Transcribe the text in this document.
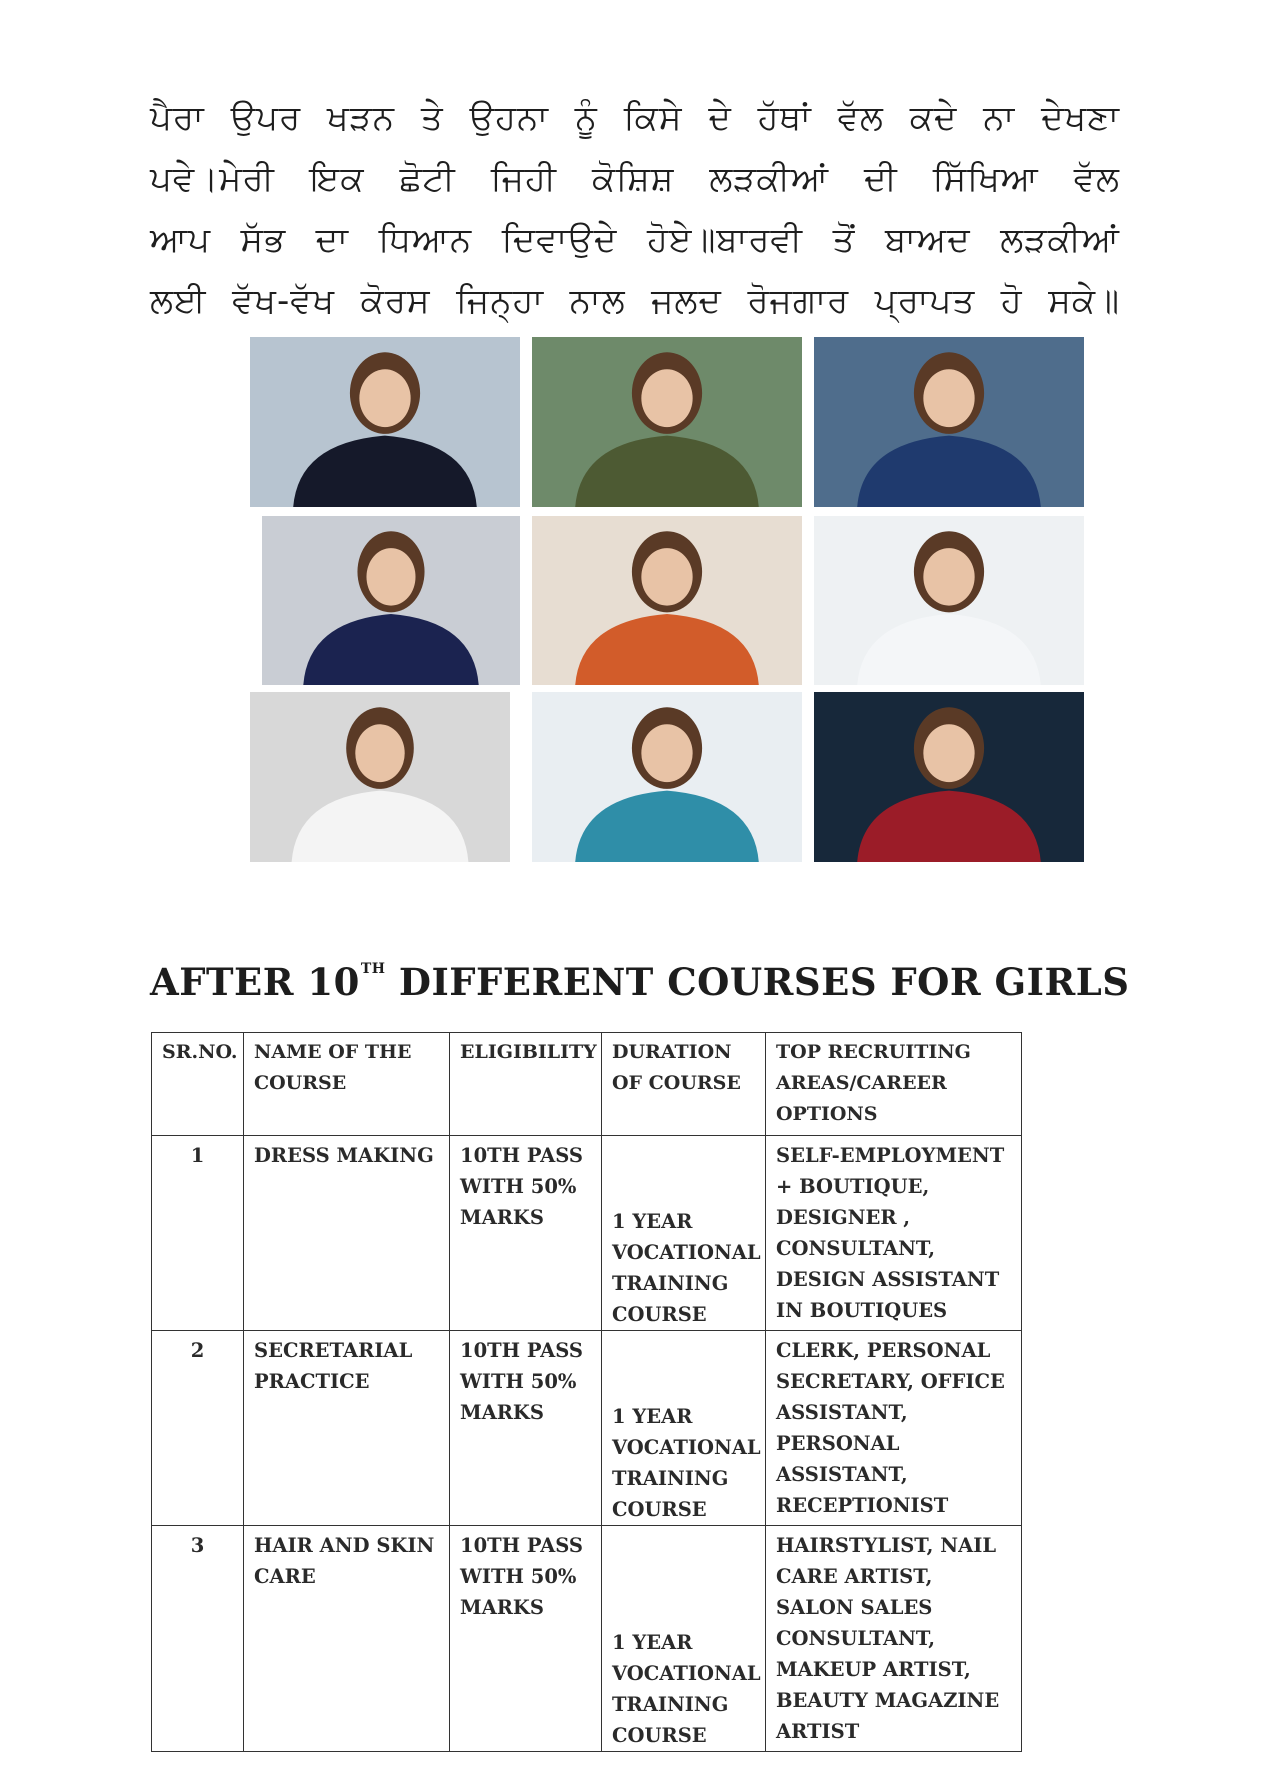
ਪੈਰਾ ਉਪਰ ਖੜਨ ਤੇ ਉਹਨਾ ਨੂੰ ਕਿਸੇ ਦੇ ਹੱਥਾਂ ਵੱਲ ਕਦੇ ਨਾ ਦੇਖਣਾ
ਪਵੇ।ਮੇਰੀ ਇਕ ਛੋਟੀ ਜਿਹੀ ਕੋਸ਼ਿਸ਼ ਲੜਕੀਆਂ ਦੀ ਸਿੱਖਿਆ ਵੱਲ
ਆਪ ਸੱਭ ਦਾ ਧਿਆਨ ਦਿਵਾਉਦੇ ਹੋਏ॥ਬਾਰਵੀ ਤੋਂ ਬਾਅਦ ਲੜਕੀਆਂ
ਲਈ ਵੱਖ-ਵੱਖ ਕੋਰਸ ਜਿਨ੍ਹਾ ਨਾਲ ਜਲਦ ਰੋਜਗਾਰ ਪ੍ਰਾਪਤ ਹੋ ਸਕੇ॥
AFTER 10TH DIFFERENT COURSES FOR GIRLS
SR.NO.	NAME OF THE COURSE	ELIGIBILITY	DURATION OF COURSE	TOP RECRUITING AREAS/CAREER OPTIONS
1	DRESS MAKING	10TH PASS WITH 50% MARKS	1 YEAR VOCATIONAL TRAINING COURSE	SELF-EMPLOYMENT + BOUTIQUE, DESIGNER , CONSULTANT, DESIGN ASSISTANT IN BOUTIQUES
2	SECRETARIAL PRACTICE	10TH PASS WITH 50% MARKS	1 YEAR VOCATIONAL TRAINING COURSE	CLERK, PERSONAL SECRETARY, OFFICE ASSISTANT, PERSONAL ASSISTANT, RECEPTIONIST
3	HAIR AND SKIN CARE	10TH PASS WITH 50% MARKS	1 YEAR VOCATIONAL TRAINING COURSE	HAIRSTYLIST, NAIL CARE ARTIST, SALON SALES CONSULTANT, MAKEUP ARTIST, BEAUTY MAGAZINE ARTIST
